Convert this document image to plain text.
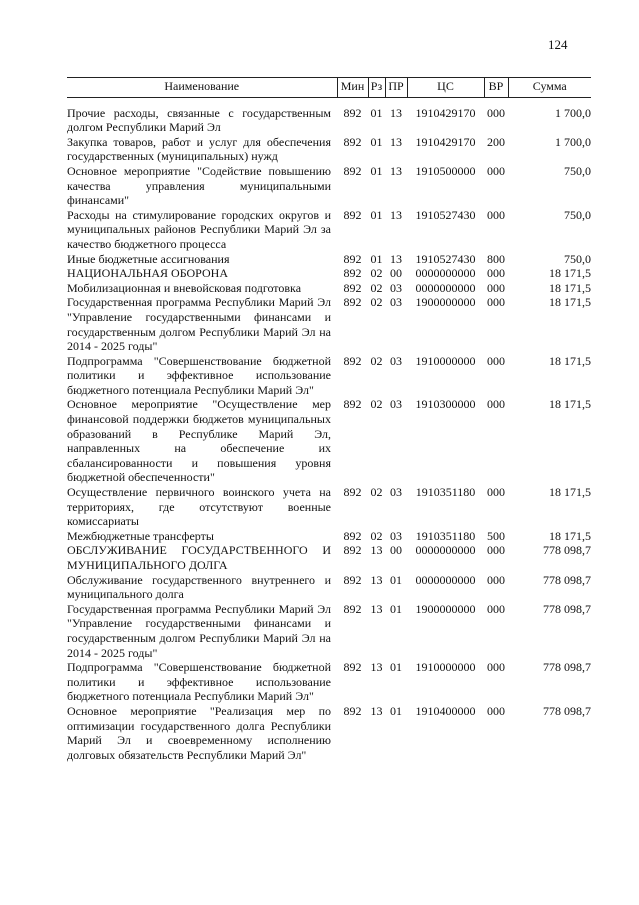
124
Наименование	Мин	Рз	ПР	ЦС	ВР	Сумма
Прочие расходы, связанные с государственным долгом Республики Марий Эл	892	01	13	1910429170	000	1 700,0
Закупка товаров, работ и услуг для обеспечения государственных (муниципальных) нужд	892	01	13	1910429170	200	1 700,0
Основное мероприятие "Содействие повышению качества управления муниципальными финансами"	892	01	13	1910500000	000	750,0
Расходы на стимулирование городских округов и муниципальных районов Республики Марий Эл за качество бюджетного процесса	892	01	13	1910527430	000	750,0
Иные бюджетные ассигнования	892	01	13	1910527430	800	750,0
НАЦИОНАЛЬНАЯ ОБОРОНА	892	02	00	0000000000	000	18 171,5
Мобилизационная и вневойсковая подготовка	892	02	03	0000000000	000	18 171,5
Государственная программа Республики Марий Эл "Управление государственными финансами и государственным долгом Республики Марий Эл на 2014 - 2025 годы"	892	02	03	1900000000	000	18 171,5
Подпрограмма "Совершенствование бюджетной политики и эффективное использование бюджетного потенциала Республики Марий Эл"	892	02	03	1910000000	000	18 171,5
Основное мероприятие "Осуществление мер финансовой поддержки бюджетов муниципальных образований в Республике Марий Эл, направленных на обеспечение их сбалансированности и повышения уровня бюджетной обеспеченности"	892	02	03	1910300000	000	18 171,5
Осуществление первичного воинского учета на территориях, где отсутствуют военные комиссариаты	892	02	03	1910351180	000	18 171,5
Межбюджетные трансферты	892	02	03	1910351180	500	18 171,5
ОБСЛУЖИВАНИЕ ГОСУДАРСТВЕННОГО И МУНИЦИПАЛЬНОГО ДОЛГА	892	13	00	0000000000	000	778 098,7
Обслуживание государственного внутреннего и муниципального долга	892	13	01	0000000000	000	778 098,7
Государственная программа Республики Марий Эл "Управление государственными финансами и государственным долгом Республики Марий Эл на 2014 - 2025 годы"	892	13	01	1900000000	000	778 098,7
Подпрограмма "Совершенствование бюджетной политики и эффективное использование бюджетного потенциала Республики Марий Эл"	892	13	01	1910000000	000	778 098,7
Основное мероприятие "Реализация мер по оптимизации государственного долга Республики Марий Эл и своевременному исполнению долговых обязательств Республики Марий Эл"	892	13	01	1910400000	000	778 098,7
